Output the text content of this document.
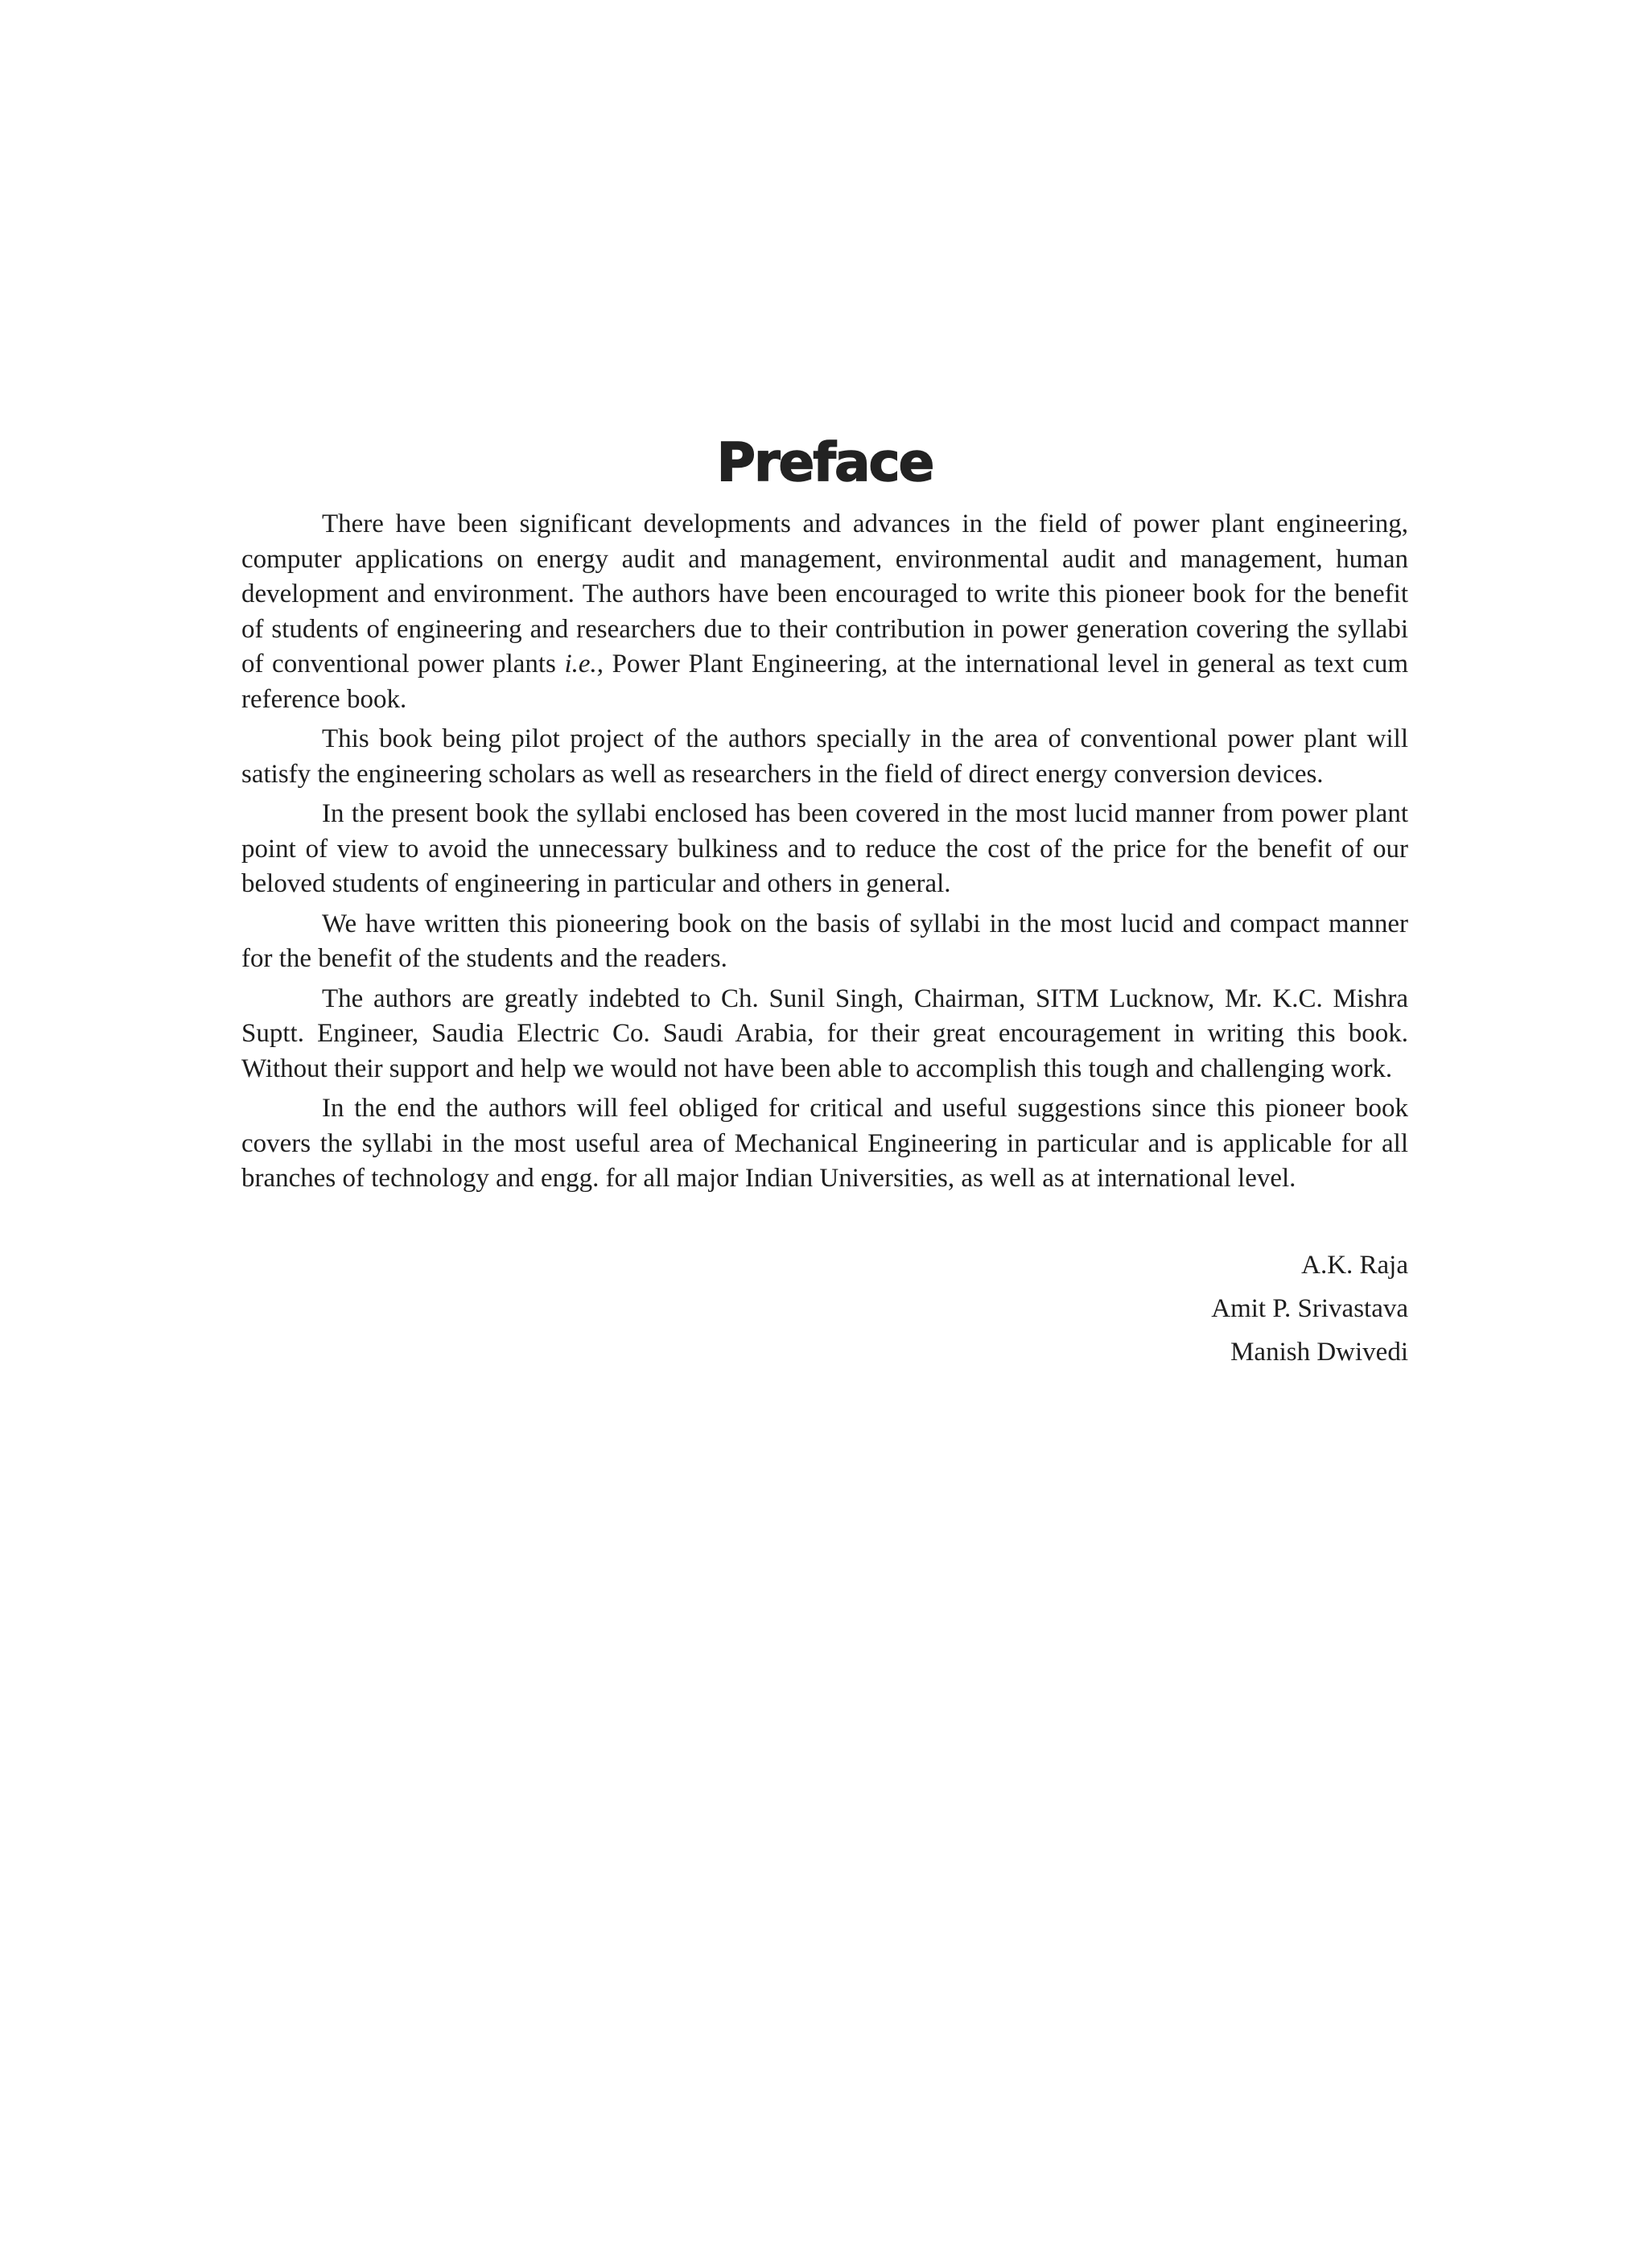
Preface

There have been significant developments and advances in the field of power plant engineering, computer applications on energy audit and management, environmental audit and management, human development and environment. The authors have been encouraged to write this pioneer book for the benefit of students of engineering and researchers due to their contribution in power generation covering the syllabi of conventional power plants i.e., Power Plant Engineering, at the international level in general as text cum reference book.

This book being pilot project of the authors specially in the area of conventional power plant will satisfy the engineering scholars as well as researchers in the field of direct energy conversion devices.

In the present book the syllabi enclosed has been covered in the most lucid manner from power plant point of view to avoid the unnecessary bulkiness and to reduce the cost of the price for the benefit of our beloved students of engineering in particular and others in general.

We have written this pioneering book on the basis of syllabi in the most lucid and compact manner for the benefit of the students and the readers.

The authors are greatly indebted to Ch. Sunil Singh, Chairman, SITM Lucknow, Mr. K.C. Mishra Suptt. Engineer, Saudia Electric Co. Saudi Arabia, for their great encouragement in writing this book. Without their support and help we would not have been able to accomplish this tough and challenging work.

In the end the authors will feel obliged for critical and useful suggestions since this pioneer book covers the syllabi in the most useful area of Mechanical Engineering in particular and is applicable for all branches of technology and engg. for all major Indian Universities, as well as at international level.

A.K. Raja
Amit P. Srivastava
Manish Dwivedi
